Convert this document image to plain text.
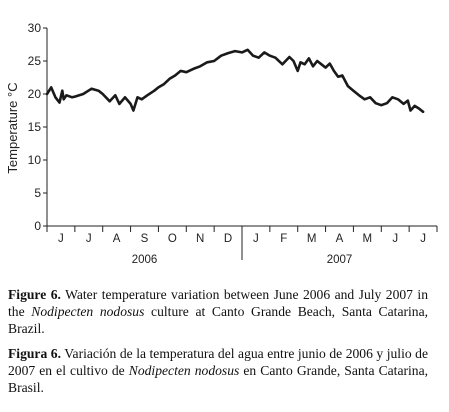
Temperature °C
0
5
10
15
20
25
30
J J A S O N D J F M A M J J
2006	2007
Figure 6. Water temperature variation between June 2006 and July 2007 in the Nodipecten nodosus culture at Canto Grande Beach, Santa Catarina, Brazil.
Figura 6. Variación de la temperatura del agua entre junio de 2006 y julio de 2007 en el cultivo de Nodipecten nodosus en Canto Grande, Santa Catarina, Brasil.
